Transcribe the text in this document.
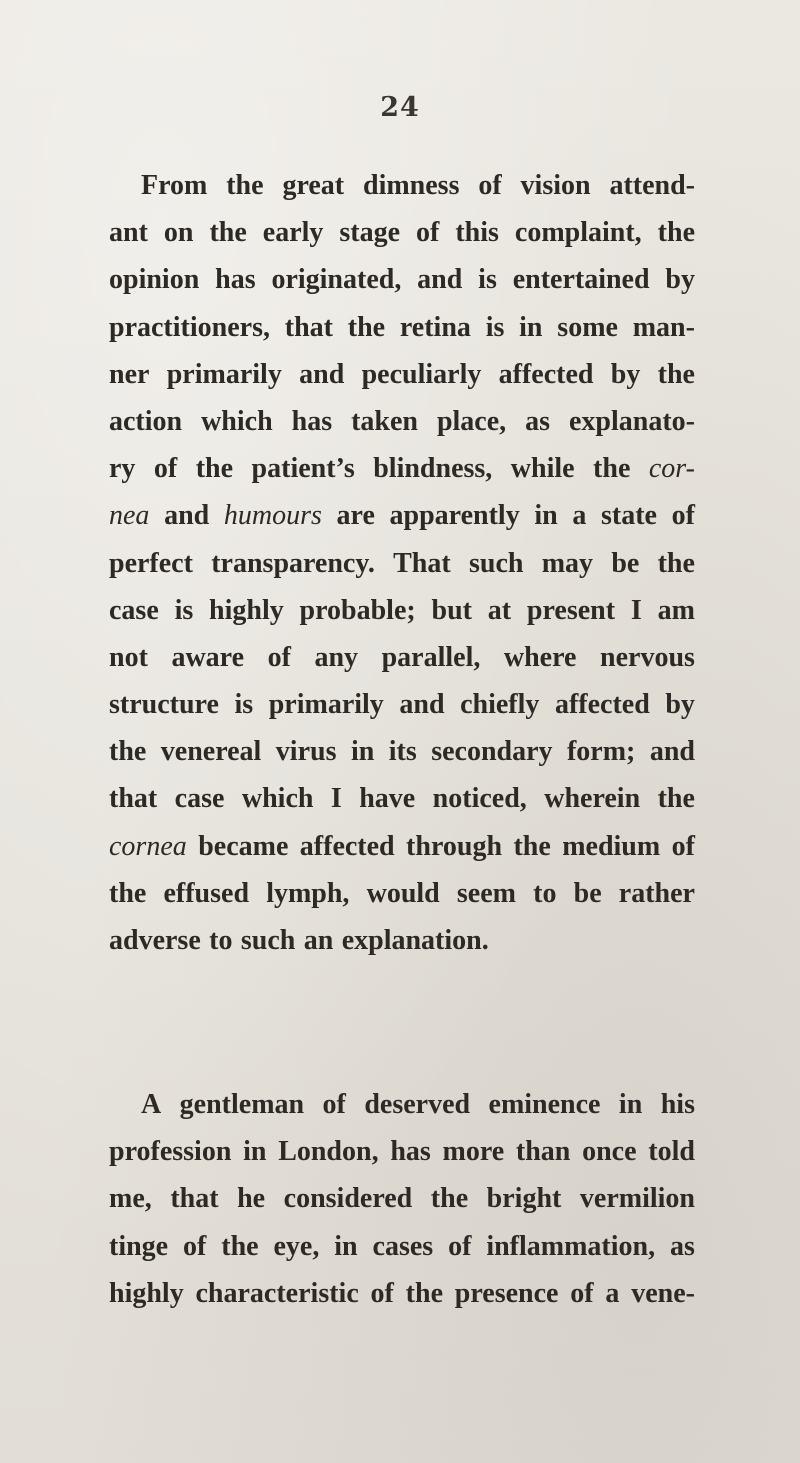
24
From the great dimness of vision attend-
ant on the early stage of this complaint, the
opinion has originated, and is entertained by
practitioners, that the retina is in some man-
ner primarily and peculiarly affected by the
action which has taken place, as explanato-
ry of the patient’s blindness, while the cor-
nea and humours are apparently in a state of
perfect transparency. That such may be the
case is highly probable; but at present I am
not aware of any parallel, where nervous
structure is primarily and chiefly affected by
the venereal virus in its secondary form; and
that case which I have noticed, wherein the
cornea became affected through the medium of
the effused lymph, would seem to be rather
adverse to such an explanation.
A gentleman of deserved eminence in his
profession in London, has more than once told
me, that he considered the bright vermilion
tinge of the eye, in cases of inflammation, as
highly characteristic of the presence of a vene-
